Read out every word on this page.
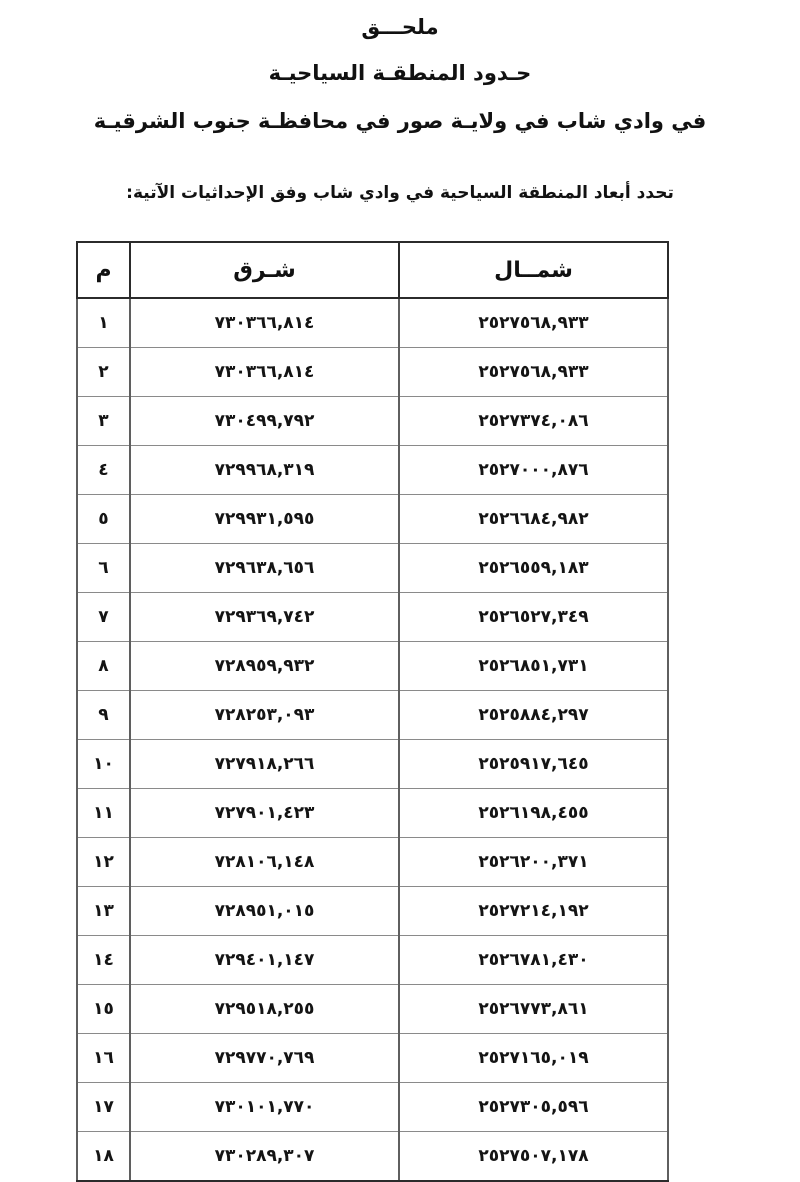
ملحـــق
حـدود المنطقـة السياحيـة
في وادي شاب في ولايـة صور في محافظـة جنوب الشرقيـة

تحدد أبعاد المنطقة السياحية في وادي شاب وفق الإحداثيات الآتية:

شمــال	شـرق	م
٢٥٢٧٥٦٨,٩٣٣	٧٣٠٣٦٦,٨١٤	١
٢٥٢٧٥٦٨,٩٣٣	٧٣٠٣٦٦,٨١٤	٢
٢٥٢٧٣٧٤,٠٨٦	٧٣٠٤٩٩,٧٩٢	٣
٢٥٢٧٠٠٠,٨٧٦	٧٢٩٩٦٨,٣١٩	٤
٢٥٢٦٦٨٤,٩٨٢	٧٢٩٩٣١,٥٩٥	٥
٢٥٢٦٥٥٩,١٨٣	٧٢٩٦٣٨,٦٥٦	٦
٢٥٢٦٥٢٧,٣٤٩	٧٢٩٣٦٩,٧٤٢	٧
٢٥٢٦٨٥١,٧٣١	٧٢٨٩٥٩,٩٣٢	٨
٢٥٢٥٨٨٤,٢٩٧	٧٢٨٢٥٣,٠٩٣	٩
٢٥٢٥٩١٧,٦٤٥	٧٢٧٩١٨,٢٦٦	١٠
٢٥٢٦١٩٨,٤٥٥	٧٢٧٩٠١,٤٢٣	١١
٢٥٢٦٢٠٠,٣٧١	٧٢٨١٠٦,١٤٨	١٢
٢٥٢٧٢١٤,١٩٢	٧٢٨٩٥١,٠١٥	١٣
٢٥٢٦٧٨١,٤٣٠	٧٢٩٤٠١,١٤٧	١٤
٢٥٢٦٧٧٣,٨٦١	٧٢٩٥١٨,٢٥٥	١٥
٢٥٢٧١٦٥,٠١٩	٧٢٩٧٧٠,٧٦٩	١٦
٢٥٢٧٣٠٥,٥٩٦	٧٣٠١٠١,٧٧٠	١٧
٢٥٢٧٥٠٧,١٧٨	٧٣٠٢٨٩,٣٠٧	١٨
